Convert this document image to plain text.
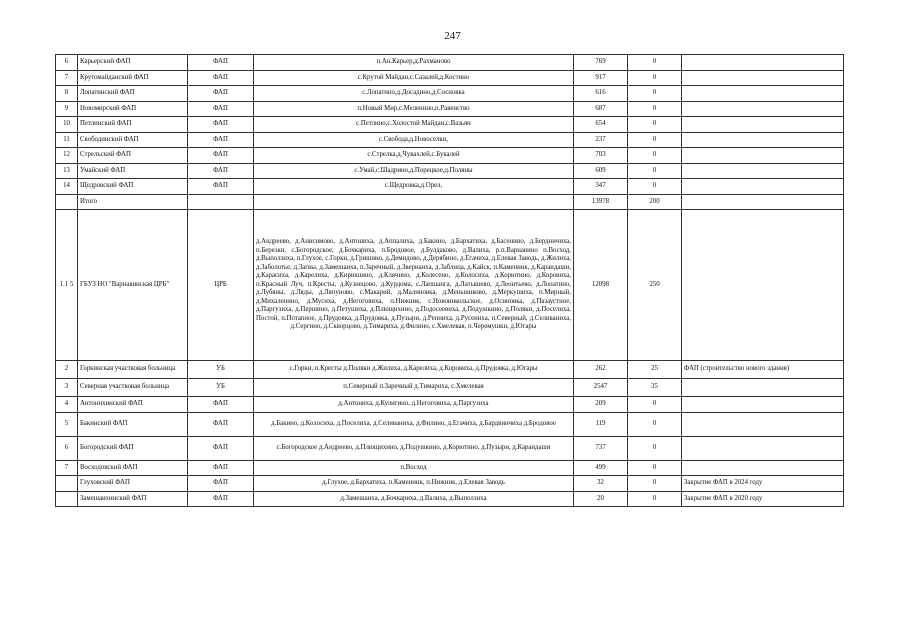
247
6	Карьерский ФАП	ФАП	п.Ан.Карьер,д.Рахманово	769	0	
7	Крутомайданский ФАП	ФАП	с.Крутой Майдан,с.Сазалей,д.Костино	917	0	
8	Лопатинский ФАП	ФАП	с.Лопатино,д.Досадино,д.Сосновка	616	0	
9	Новомирский ФАП	ФАП	п.Новый Мир,с.Меленино,п.Равенство	687	0	
10	Петлинский ФАП	ФАП	с.Петлино,с.Холостой Майдан,с.Вазьян	654	0	
11	Свободинский ФАП	ФАП	с.Свобода,д.Новоселки,	237	0	
12	Стрелъский ФАП	ФАП	с.Стрелка,д.Чувахлей,с.Букалей	703	0	
13	Умайский ФАП	ФАП	с.Умай,с.Шадрино,д.Порецкое,д.Поляны	609	0	
14	Щедровский ФАП	ФАП	с.Щедровка,д.Орел,	347	0	
	Итого			13978	200	
1.1 5	ГБУЗ НО "Варнавинская ЦРБ"	ЦРБ	д.Андреево, д.Анисимово, д.Антониха, д.Аппалиха, д.Бакино, д.Бархатиха, д.Басенино, д.Бердничиха, п.Березки, с.Богородское, д.Бочкариха, п.Бродовое, д.Булдаково, д.Валиха, р.п.Варнавино п.Восход, д.Выползиха, п.Глухое, с.Горки, д.Гришино, д.Демидово, д.Дерябино, д.Егачиха, д.Елевая Заводь, д.Жилиха, д.Заболотье, д.Загвы, д.Замешаиха, п.Заречный, д.Звернаиха, д.Заблица, д.Кайск, п.Каменник, д.Караидаши, д.Карасиха, д.Карелиха, д.Кирюшино, д.Клячино, д.Колесено, д.Колосиха, д.Корютино, д.Коровиха, п.Красный Луч, п.Кресты, д.Кузнецово, д.Курдома, с.Лапшанга, д.Латышево, д.Леонтьево, д.Лопатино, д.Лубяны, д.Ляды, д.Ляпуново, с.Макарий, д.Малиновка, д.Меньшиково, д.Меркушиха, п.Мирный, д.Михаленино, д.Мусиха, д.Негоговиха, п.Нижник, с.Новоникольское, д.Осиновка, д.Пазаустное, д.Паргузиха, д.Першино, д.Петушиха, д.Плющихино, д.Подосеевиха, д.Подушкино, д.Поляки, д.Поселиха, Постой, п.Потапное, д.Прудовка, д.Прудовка, д.Пузыри, д.Репниха, д.Русениха, п.Северный, д.Селиваниха, д.Сергино, д.Скворцово, д.Тимариха, д.Филино, с.Хмелевая, п.Черемушки, д.Югары	12098	250	
2	Горкинская участковая больница	УБ	с.Горки, п.Кресты д.Поляки д.Жилиха, д.Карелиха, д.Коровиха, д.Прудовка, д.Югары	262	25	ФАП (строительство нового здания)
3	Северная участковая больница	УБ	п.Северный п.Заречный д.Тимариха, с.Хмелевая	2547	35	
4	Антонихинский ФАП	ФАП	д.Антониха, д.Кулигино, д.Негоговиха, д.Паргузиха	209	0	
5	Бакинский ФАП	ФАП	д.Бакино, д.Колосиха, д.Поселиха, д.Селиваниха, д.Филино, д.Егачиха, д.Бардвинчиха д.Бродовое	119	0	
6	Богородский ФАП	ФАП	с.Богородское д.Андреево, д.Плющихино, д.Подушкино, д.Корютино, д.Пузыри, д.Караидаши	737	0	
7	Восходовский ФАП	ФАП	п.Восход	499	0	
	Глуховский ФАП	ФАП	д.Глухое, д.Бархатиха, п.Каменник, п.Нижник, д.Елевая Заводь	32	0	Закрытие ФАП в 2024 году
	Замешаихинский ФАП	ФАП	д.Замешаиха, д.Бочкариха, д.Валиха, д.Выползиха	20	0	Закрытие ФАП в 2020 году
